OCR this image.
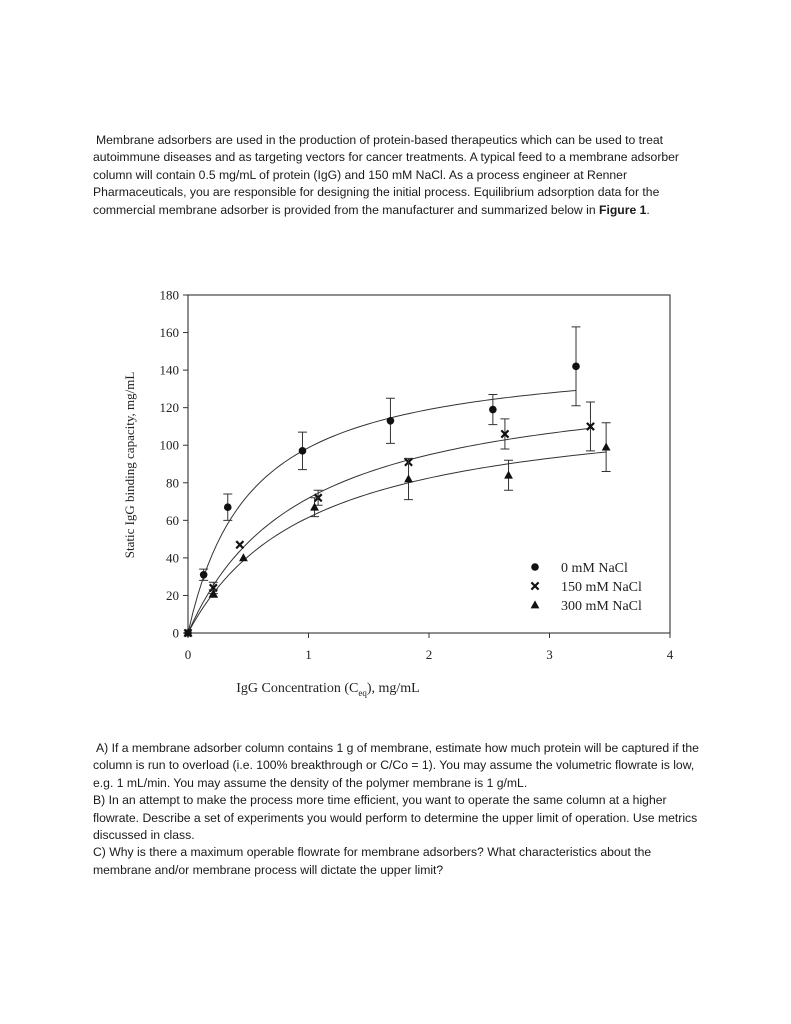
Membrane adsorbers are used in the production of protein-based therapeutics which can be used to treat autoimmune diseases and as targeting vectors for cancer treatments. A typical feed to a membrane adsorber column will contain 0.5 mg/mL of protein (IgG) and 150 mM NaCl. As a process engineer at Renner Pharmaceuticals, you are responsible for designing the initial process. Equilibrium adsorption data for the commercial membrane adsorber is provided from the manufacturer and summarized below in Figure 1.

0
20
40
60
80
100
120
140
160
180
0	1	2	3	4
0 mM NaCl
150 mM NaCl
300 mM NaCl
Static IgG binding capacity, mg/mL
IgG Concentration $(C_{eq})$, mg/mL

A) If a membrane adsorber column contains 1 g of membrane, estimate how much protein will be captured if the column is run to overload (i.e. 100% breakthrough or C/Co = 1). You may assume the volumetric flowrate is low, e.g. 1 mL/min. You may assume the density of the polymer membrane is 1 g/mL.

B) In an attempt to make the process more time efficient, you want to operate the same column at a higher flowrate. Describe a set of experiments you would perform to determine the upper limit of operation. Use metrics discussed in class.

C) Why is there a maximum operable flowrate for membrane adsorbers? What characteristics about the membrane and/or membrane process will dictate the upper limit?
